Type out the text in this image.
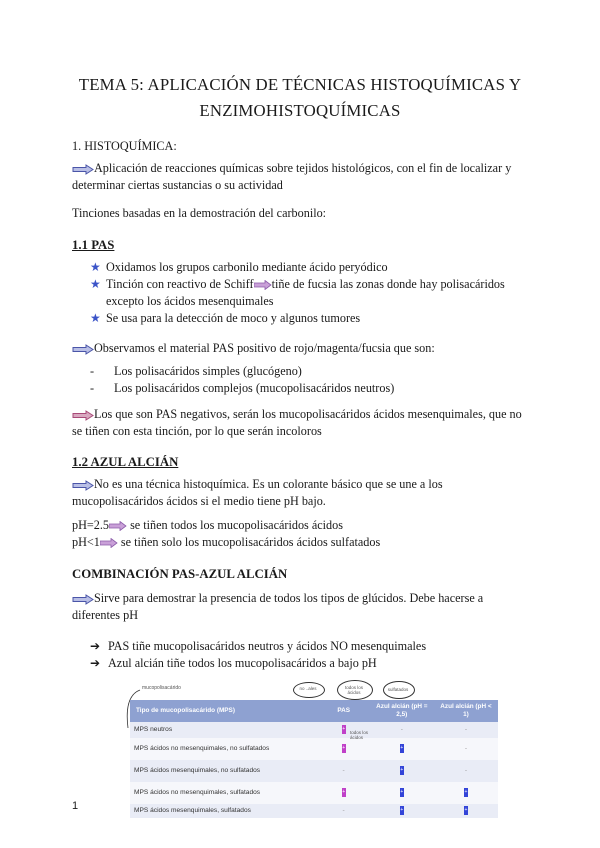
TEMA 5: APLICACIÓN DE TÉCNICAS HISTOQUÍMICAS Y
ENZIMOHISTOQUÍMICAS
1. HISTOQUÍMICA:
Aplicación de reacciones químicas sobre tejidos histológicos, con el fin de localizar y
determinar ciertas sustancias o su actividad
Tinciones basadas en la demostración del carbonilo:
1.1 PAS
★ Oxidamos los grupos carbonilo mediante ácido peryódico
★ Tinción con reactivo de Schiff tiñe de fucsia las zonas donde hay polisacáridos
excepto los ácidos mesenquimales
★ Se usa para la detección de moco y algunos tumores
Observamos el material PAS positivo de rojo/magenta/fucsia que son:
- Los polisacáridos simples (glucógeno)
- Los polisacáridos complejos (mucopolisacáridos neutros)
Los que son PAS negativos, serán los mucopolisacáridos ácidos mesenquimales, que no
se tiñen con esta tinción, por lo que serán incoloros
1.2 AZUL ALCIÁN
No es una técnica histoquímica. Es un colorante básico que se une a los
mucopolisacáridos ácidos si el medio tiene pH bajo.
pH=2.5 se tiñen todos los mucopolisacáridos ácidos
pH<1 se tiñen solo los mucopolisacáridos ácidos sulfatados
COMBINACIÓN PAS-AZUL ALCIÁN
Sirve para demostrar la presencia de todos los tipos de glúcidos. Debe hacerse a
diferentes pH
➔ PAS tiñe mucopolisacáridos neutros y ácidos NO mesenquimales
➔ Azul alcián tiñe todos los mucopolisacáridos a bajo pH
mucopolisacárido	no ..ales	todos los ácidos
sulfatados
Tipo de mucopolisacárido (MPS)	PAS	Azul alcián (pH = 2,5)	Azul alcián (pH < 1)
MPS neutros	+	-	-
MPS ácidos no mesenquimales, no sulfatados	+	+	-
MPS ácidos mesenquimales, no sulfatados	-	+	-
MPS ácidos no mesenquimales, sulfatados	+	+	+
MPS ácidos mesenquimales, sulfatados	-	+	+
todos los ácidos
1
